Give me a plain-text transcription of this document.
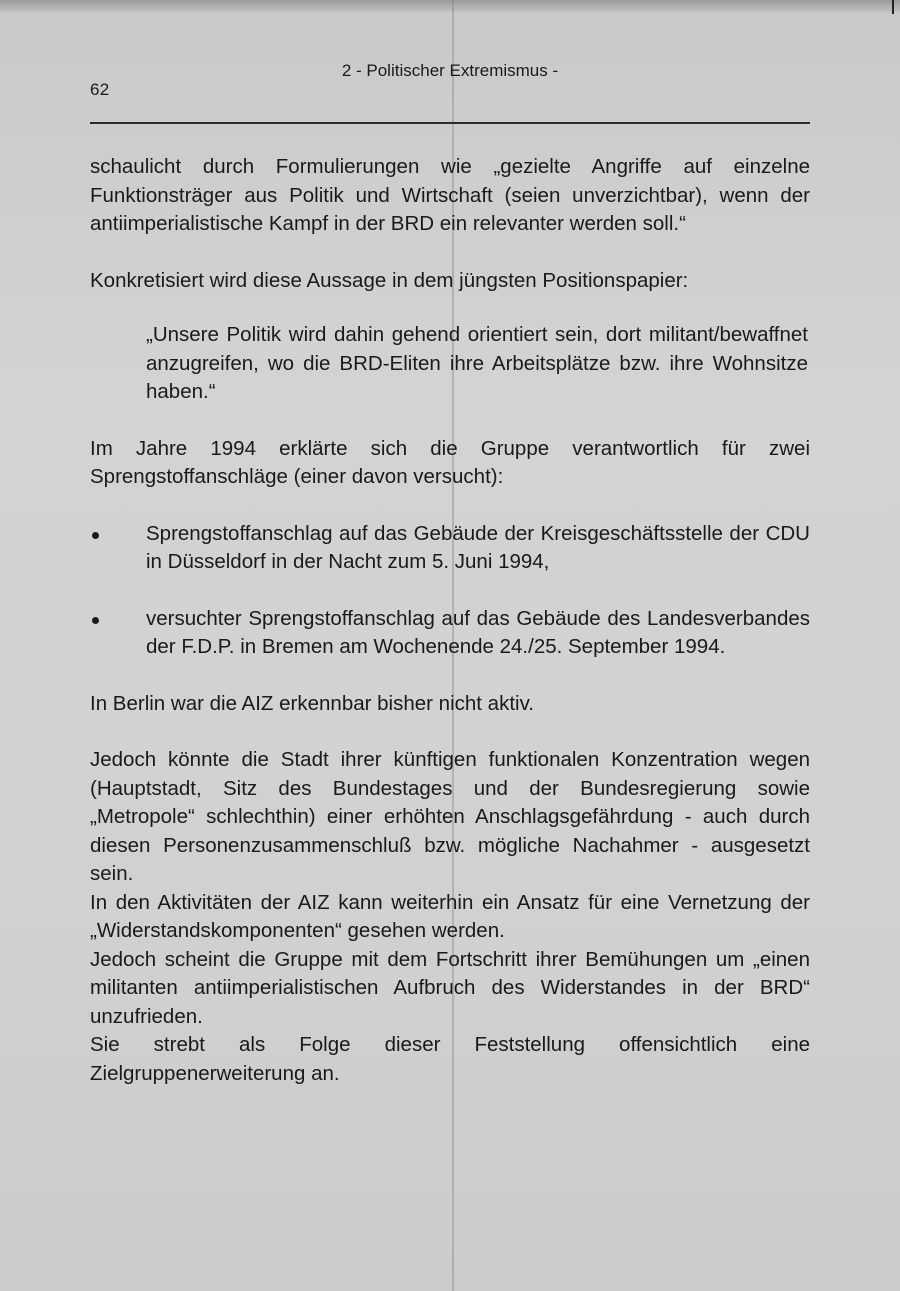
62
2 - Politischer Extremismus -

schaulicht durch Formulierungen wie „gezielte Angriffe auf einzelne Funktionsträger aus Politik und Wirtschaft (seien unverzichtbar), wenn der antiimperialistische Kampf in der BRD ein relevanter werden soll.“

Konkretisiert wird diese Aussage in dem jüngsten Positionspapier:

„Unsere Politik wird dahin gehend orientiert sein, dort militant/bewaffnet anzugreifen, wo die BRD-Eliten ihre Arbeitsplätze bzw. ihre Wohnsitze haben.“

Im Jahre 1994 erklärte sich die Gruppe verantwortlich für zwei Sprengstoffanschläge (einer davon versucht):

Sprengstoffanschlag auf das Gebäude der Kreisgeschäftsstelle der CDU in Düsseldorf in der Nacht zum 5. Juni 1994,
versuchter Sprengstoffanschlag auf das Gebäude des Landesverbandes der F.D.P. in Bremen am Wochenende 24./25. September 1994.

In Berlin war die AIZ erkennbar bisher nicht aktiv.

Jedoch könnte die Stadt ihrer künftigen funktionalen Konzentration wegen (Hauptstadt, Sitz des Bundestages und der Bundesregierung sowie „Metropole“ schlechthin) einer erhöhten Anschlagsgefährdung - auch durch diesen Personenzusammenschluß bzw. mögliche Nachahmer - ausgesetzt sein.

In den Aktivitäten der AIZ kann weiterhin ein Ansatz für eine Vernetzung der „Widerstandskomponenten“ gesehen werden.

Jedoch scheint die Gruppe mit dem Fortschritt ihrer Bemühungen um „einen militanten antiimperialistischen Aufbruch des Widerstandes in der BRD“ unzufrieden.

Sie strebt als Folge dieser Feststellung offensichtlich eine Zielgruppenerweiterung an.
